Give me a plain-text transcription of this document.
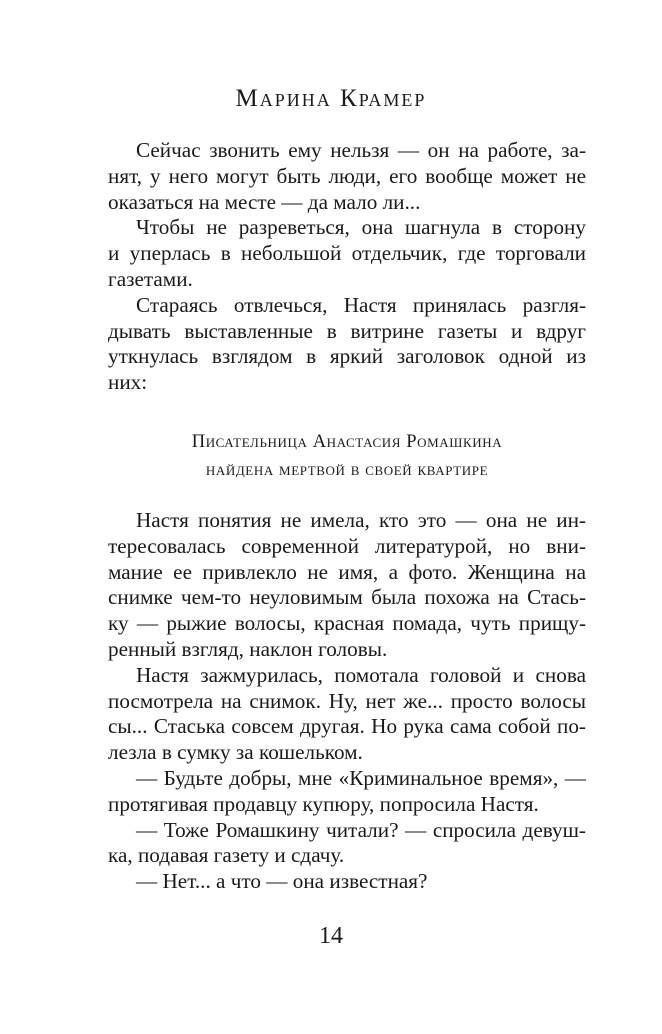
Марина Крамер
Сейчас звонить ему нельзя — он на работе, за-
нят, у него могут быть люди, его вообще может не
оказаться на месте — да мало ли...
Чтобы не разреветься, она шагнула в сторону
и уперлась в небольшой отдельчик, где торговали
газетами.
Стараясь отвлечься, Настя принялась разгля-
дывать выставленные в витрине газеты и вдруг
уткнулась взглядом в яркий заголовок одной из
них:
Писательница Анастасия Ромашкина
найдена мертвой в своей квартире
Настя понятия не имела, кто это — она не ин-
тересовалась современной литературой, но вни-
мание ее привлекло не имя, а фото. Женщина на
снимке чем-то неуловимым была похожа на Стась-
ку — рыжие волосы, красная помада, чуть прищу-
ренный взгляд, наклон головы.
Настя зажмурилась, помотала головой и снова
посмотрела на снимок. Ну, нет же... просто волосы
сы... Стаська совсем другая. Но рука сама собой по-
лезла в сумку за кошельком.
— Будьте добры, мне «Криминальное время», —
протягивая продавцу купюру, попросила Настя.
— Тоже Ромашкину читали? — спросила девуш-
ка, подавая газету и сдачу.
— Нет... а что — она известная?
14
